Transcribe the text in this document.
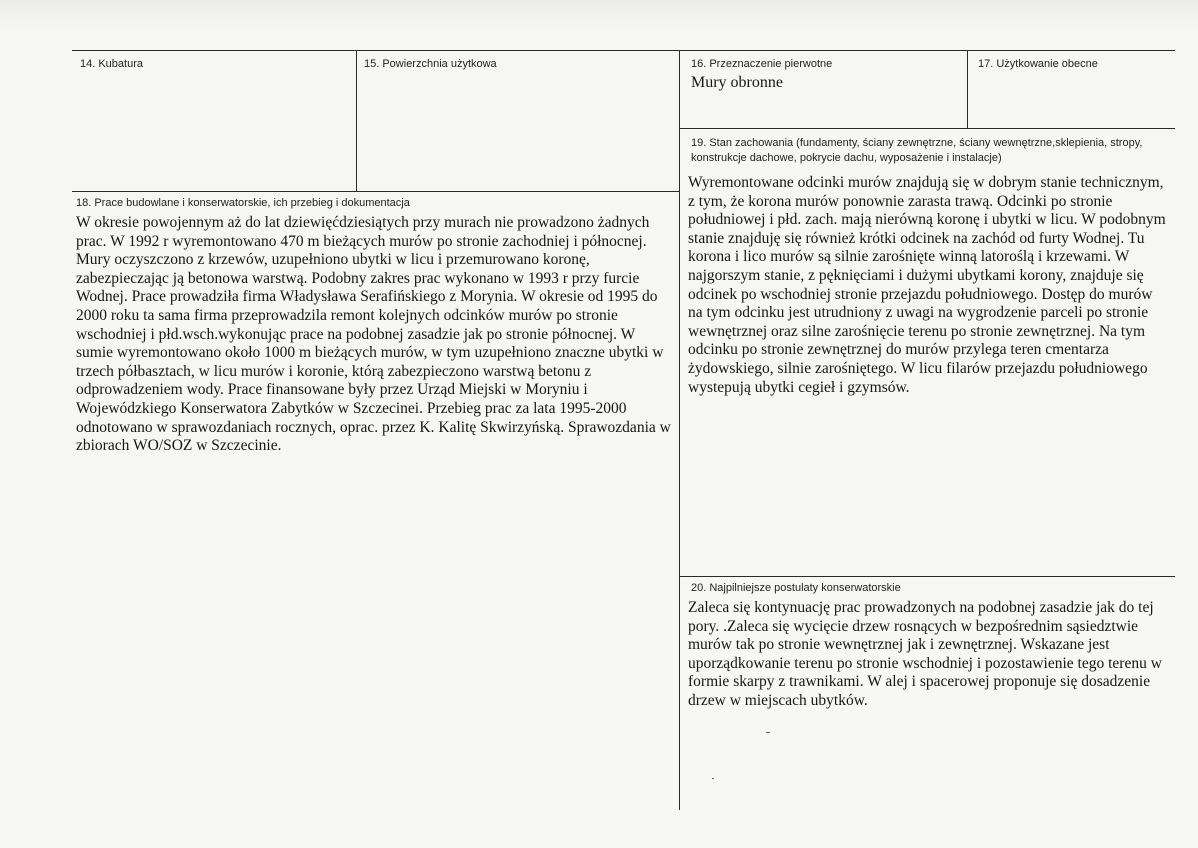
14. Kubatura	15. Powierzchnia użytkowa	16. Przeznaczenie pierwotne
Mury obronne
17. Użytkowanie obecne
18. Prace budowlane i konserwatorskie, ich przebieg i dokumentacja
W okresie powojennym aż do lat dziewięćdziesiątych przy murach nie prowadzono żadnych prac. W 1992 r wyremontowano 470 m bieżących murów po stronie zachodniej i północnej. Mury oczyszczono z krzewów, uzupełniono ubytki w licu i przemurowano koronę, zabezpieczając ją betonowa warstwą. Podobny zakres prac wykonano w 1993 r przy furcie Wodnej. Prace prowadziła firma Władysława Serafińskiego z Morynia. W okresie od 1995 do 2000 roku ta sama firma przeprowadzila remont kolejnych odcinków murów po stronie wschodniej i płd.wsch.wykonując prace na podobnej zasadzie jak po stronie północnej. W sumie wyremontowano około 1000 m bieżących murów, w tym uzupełniono znaczne ubytki w trzech półbasztach, w licu murów i koronie, którą zabezpieczono warstwą betonu z odprowadzeniem wody. Prace finansowane były przez Urząd Miejski w Moryniu i Wojewódzkiego Konserwatora Zabytków w Szczecinei. Przebieg prac za lata 1995-2000 odnotowano w sprawozdaniach rocznych, oprac. przez K. Kalitę Skwirzyńską. Sprawozdania w zbiorach WO/SOZ w Szczecinie.
19. Stan zachowania (fundamenty, ściany zewnętrzne, ściany wewnętrzne,sklepienia, stropy, konstrukcje dachowe, pokrycie dachu, wyposażenie i instalacje)
Wyremontowane odcinki murów znajdują się w dobrym stanie technicznym, z tym, że korona murów ponownie zarasta trawą. Odcinki po stronie południowej i płd. zach. mają nierówną koronę i ubytki w licu. W podobnym stanie znajduję się również krótki odcinek na zachód od furty Wodnej. Tu korona i lico murów są silnie zarośnięte winną latoroślą i krzewami. W najgorszym stanie, z pęknięciami i dużymi ubytkami korony, znajduje się odcinek po wschodniej stronie przejazdu południowego. Dostęp do murów na tym odcinku jest utrudniony z uwagi na wygrodzenie parceli po stronie wewnętrznej oraz silne zarośnięcie terenu po stronie zewnętrznej. Na tym odcinku po stronie zewnętrznej do murów przylega teren cmentarza żydowskiego, silnie zarośniętego. W licu filarów przejazdu południowego wystepują ubytki cegieł i gzymsów.
20. Najpilniejsze postulaty konserwatorskie
Zaleca się kontynuację prac prowadzonych na podobnej zasadzie jak do tej pory. .Zaleca się wycięcie drzew rosnących w bezpośrednim sąsiedztwie murów tak po stronie wewnętrznej jak i zewnętrznej. Wskazane jest uporządkowanie terenu po stronie wschodniej i pozostawienie tego terenu w formie skarpy z trawnikami. W alej i spacerowej proponuje się dosadzenie drzew w miejscach ubytków.
